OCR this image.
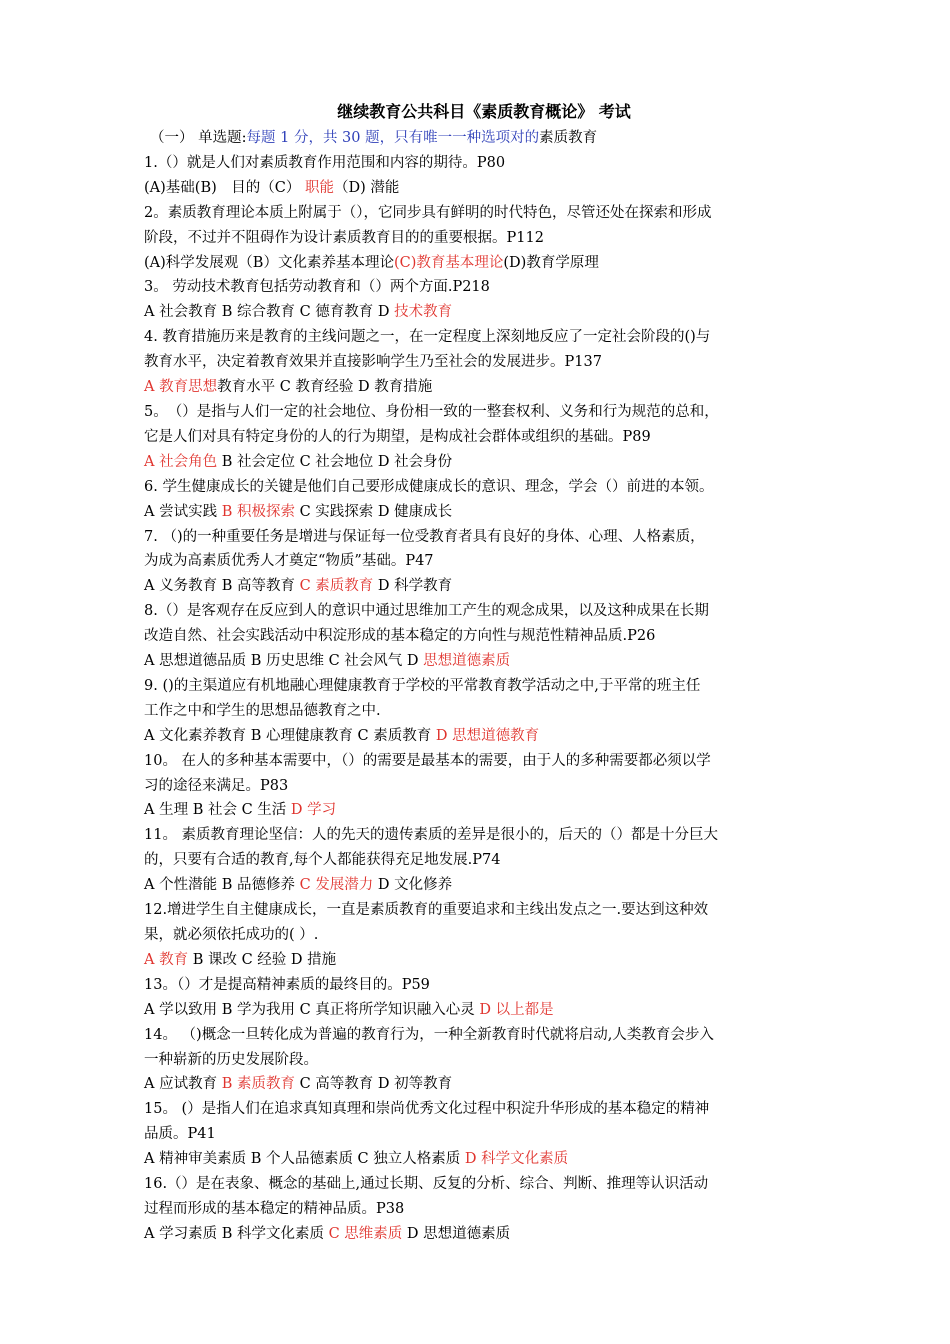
继续教育公共科目《素质教育概论》 考试
（一） 单选题:每题 1 分，共 30 题，只有唯一一种选项对的素质教育
1.（）就是人们对素质教育作用范围和内容的期待。P80
(A)基础(B)　目的（C） 职能（D) 潜能
2。素质教育理论本质上附属于（），它同步具有鲜明的时代特色，尽管还处在探索和形成
阶段，不过并不阻碍作为设计素质教育目的的重要根据。P112
(A)科学发展观（B）文化素养基本理论(C)教育基本理论(D)教育学原理
3。 劳动技术教育包括劳动教育和（）两个方面.P218
A 社会教育 B 综合教育 C 德育教育 D 技术教育
4. 教育措施历来是教育的主线问题之一，在一定程度上深刻地反应了一定社会阶段的()与
教育水平，决定着教育效果并直接影响学生乃至社会的发展进步。P137
A 教育思想教育水平 C 教育经验 D 教育措施
5。　（）是指与人们一定的社会地位、身份相一致的一整套权利、义务和行为规范的总和，
它是人们对具有特定身份的人的行为期望，是构成社会群体或组织的基础。P89
A 社会角色 B 社会定位 C 社会地位 D 社会身份
6. 学生健康成长的关键是他们自己要形成健康成长的意识、理念，学会（）前进的本领。
A 尝试实践 B 积极探索 C 实践探索 D 健康成长
7. （)的一种重要任务是增进与保证每一位受教育者具有良好的身体、心理、人格素质，
为成为高素质优秀人才奠定“物质”基础。P47
A 义务教育 B 高等教育 C 素质教育 D 科学教育
8.（）是客观存在反应到人的意识中通过思维加工产生的观念成果，以及这种成果在长期
改造自然、社会实践活动中积淀形成的基本稳定的方向性与规范性精神品质.P26
A 思想道德品质 B 历史思维 C 社会风气 D 思想道德素质
9. ()的主渠道应有机地融心理健康教育于学校的平常教育教学活动之中,于平常的班主任
工作之中和学生的思想品德教育之中.
A 文化素养教育 B 心理健康教育 C 素质教育 D 思想道德教育
10。 在人的多种基本需要中，（）的需要是最基本的需要，由于人的多种需要都必须以学
习的途径来满足。P83
A 生理 B 社会 C 生活 D 学习
11。 素质教育理论坚信：人的先天的遗传素质的差异是很小的，后天的（）都是十分巨大
的，只要有合适的教育,每个人都能获得充足地发展.P74
A 个性潜能 B 品德修养 C 发展潜力 D 文化修养
12.增进学生自主健康成长，一直是素质教育的重要追求和主线出发点之一.要达到这种效
果，就必须依托成功的( ）.
A 教育 B 课改 C 经验 D 措施
13。（）才是提高精神素质的最终目的。P59
A 学以致用 B 学为我用 C 真正将所学知识融入心灵 D 以上都是
14。 （)概念一旦转化成为普遍的教育行为，一种全新教育时代就将启动,人类教育会步入
一种崭新的历史发展阶段。
A 应试教育 B 素质教育 C 高等教育 D 初等教育
15。 (）是指人们在追求真知真理和崇尚优秀文化过程中积淀升华形成的基本稳定的精神
品质。P41
A 精神审美素质 B 个人品德素质 C 独立人格素质 D 科学文化素质
16.（）是在表象、概念的基础上,通过长期、反复的分析、综合、判断、推理等认识活动
过程而形成的基本稳定的精神品质。P38
A 学习素质 B 科学文化素质 C 思维素质 D 思想道德素质
